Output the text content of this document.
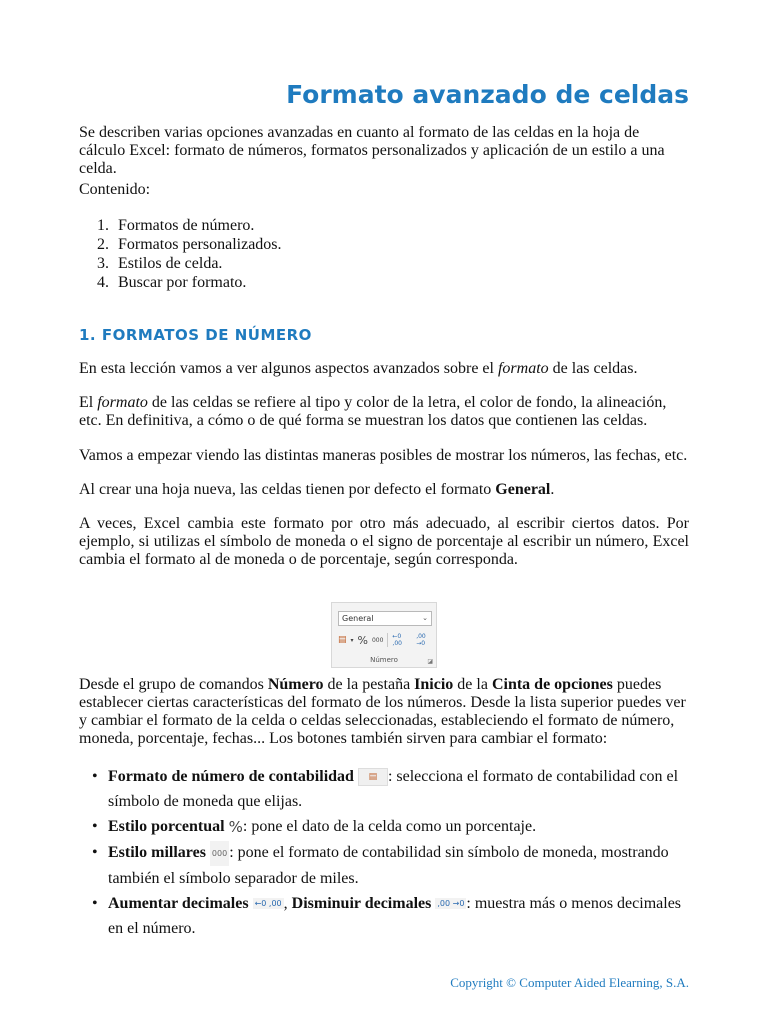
Formato avanzado de celdas

Se describen varias opciones avanzadas en cuanto al formato de las celdas en la hoja de cálculo Excel: formato de números, formatos personalizados y aplicación de un estilo a una celda.

Contenido:

1. Formatos de número.
2. Formatos personalizados.
3. Estilos de celda.
4. Buscar por formato.
1. FORMATOS DE NÚMERO

En esta lección vamos a ver algunos aspectos avanzados sobre el formato de las celdas.

El formato de las celdas se refiere al tipo y color de la letra, el color de fondo, la alineación, etc. En definitiva, a cómo o de qué forma se muestran los datos que contienen las celdas.

Vamos a empezar viendo las distintas maneras posibles de mostrar los números, las fechas, etc.

Al crear una hoja nueva, las celdas tienen por defecto el formato General.

A veces, Excel cambia este formato por otro más adecuado, al escribir ciertos datos. Por ejemplo, si utilizas el símbolo de moneda o el signo de porcentaje al escribir un número, Excel cambia el formato al de moneda o de porcentaje, según corresponda.

General	⌄
▤ ▾ % 000 ←0 ,00
,00 →0
Número	◪

Desde el grupo de comandos Número de la pestaña Inicio de la Cinta de opciones puedes establecer ciertas características del formato de los números. Desde la lista superior puedes ver y cambiar el formato de la celda o celdas seleccionadas, estableciendo el formato de número, moneda, porcentaje, fechas... Los botones también sirven para cambiar el formato:

• Formato de número de contabilidad ▤ : selecciona el formato de contabilidad con el símbolo de moneda que elijas.
• Estilo porcentual %: pone el dato de la celda como un porcentaje.
• Estilo millares 000 : pone el formato de contabilidad sin símbolo de moneda, mostrando también el símbolo separador de miles.
• Aumentar decimales ←0 ,00 , Disminuir decimales ,00 →0 : muestra más o menos decimales en el número.

Copyright © Computer Aided Elearning, S.A.
